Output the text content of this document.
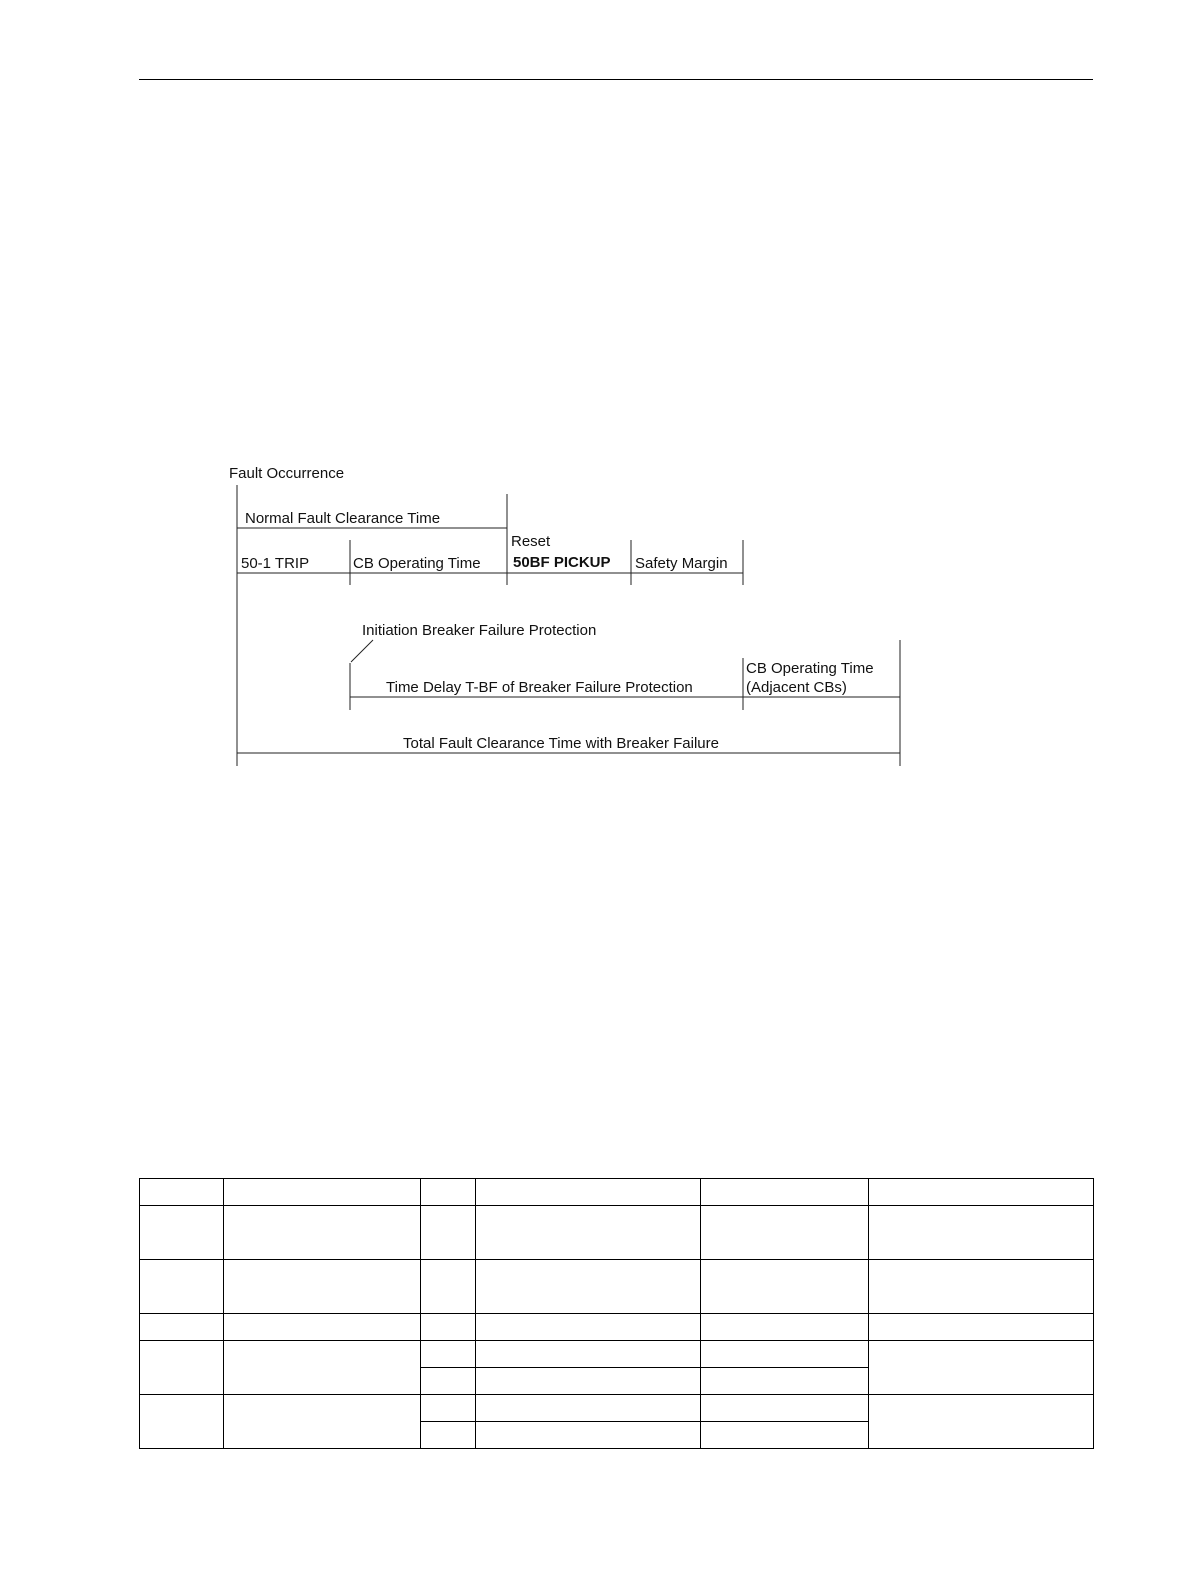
Fault Occurrence
Normal Fault Clearance Time
50-1 TRIP	CB Operating Time
Reset
50BF PICKUP Safety Margin
Initiation Breaker Failure Protection
CB Operating Time
(Adjacent CBs)
Time Delay T-BF of Breaker Failure Protection
Total Fault Clearance Time with Breaker Failure
